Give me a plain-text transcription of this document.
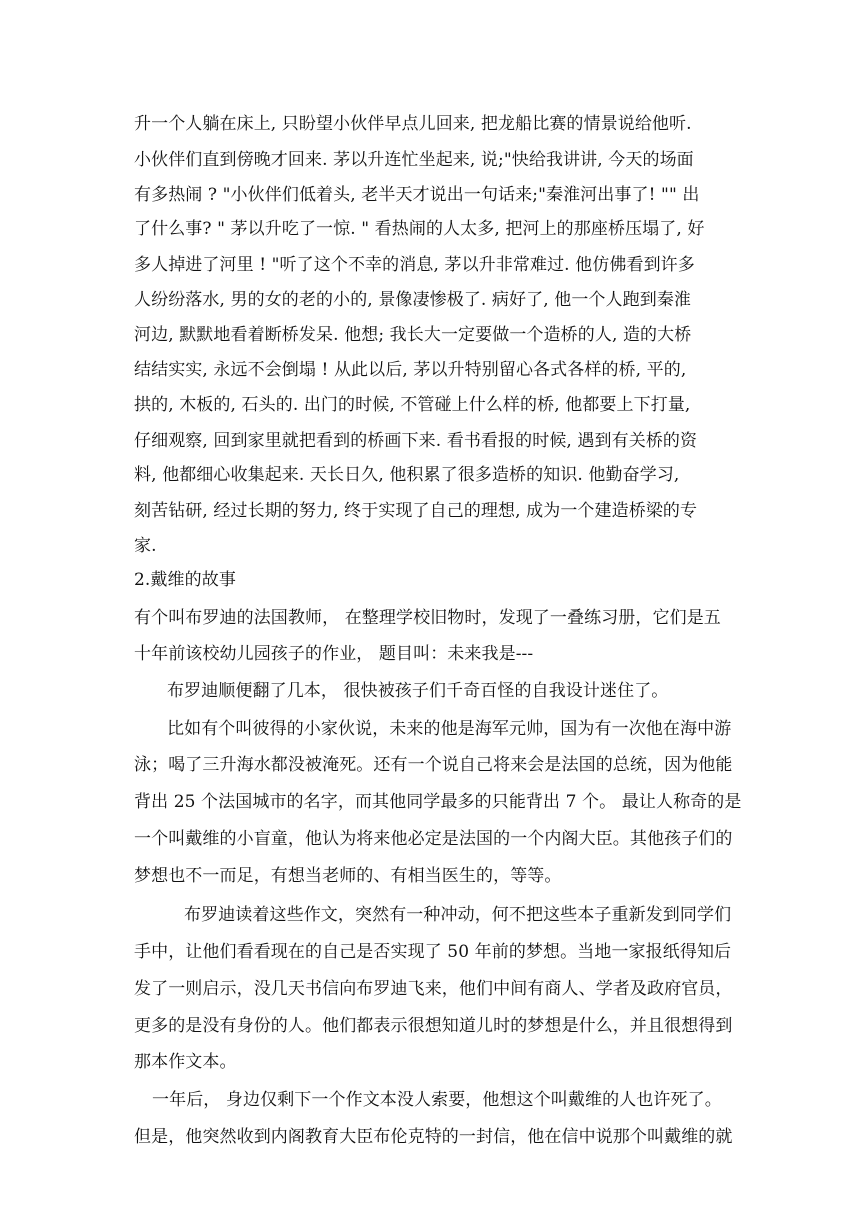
升一个人躺在床上, 只盼望小伙伴早点儿回来, 把龙船比赛的情景说给他听.
小伙伴们直到傍晚才回来. 茅以升连忙坐起来, 说;"快给我讲讲, 今天的场面
有多热闹 ? "小伙伴们低着头, 老半天才说出一句话来;"秦淮河出事了! "" 出
了什么事? " 茅以升吃了一惊. " 看热闹的人太多, 把河上的那座桥压塌了, 好
多人掉进了河里 ! "听了这个不幸的消息, 茅以升非常难过. 他仿佛看到许多
人纷纷落水, 男的女的老的小的, 景像凄惨极了. 病好了, 他一个人跑到秦淮
河边, 默默地看着断桥发呆. 他想; 我长大一定要做一个造桥的人, 造的大桥
结结实实, 永远不会倒塌 ! 从此以后, 茅以升特别留心各式各样的桥, 平的,
拱的, 木板的, 石头的. 出门的时候, 不管碰上什么样的桥, 他都要上下打量,
仔细观察, 回到家里就把看到的桥画下来. 看书看报的时候, 遇到有关桥的资
料, 他都细心收集起来. 天长日久, 他积累了很多造桥的知识. 他勤奋学习,
刻苦钻研, 经过长期的努力, 终于实现了自己的理想, 成为一个建造桥梁的专
家.
2.戴维的故事
有个叫布罗迪的法国教师， 在整理学校旧物时，发现了一叠练习册，它们是五
十年前该校幼儿园孩子的作业， 题目叫：未来我是---
布罗迪顺便翻了几本， 很快被孩子们千奇百怪的自我设计迷住了。
比如有个叫彼得的小家伙说，未来的他是海军元帅，国为有一次他在海中游
泳；喝了三升海水都没被淹死。还有一个说自己将来会是法国的总统，因为他能
背出 25 个法国城市的名字，而其他同学最多的只能背出 7 个。 最让人称奇的是
一个叫戴维的小盲童，他认为将来他必定是法国的一个内阁大臣。其他孩子们的
梦想也不一而足，有想当老师的、有相当医生的，等等。
布罗迪读着这些作文，突然有一种冲动，何不把这些本子重新发到同学们
手中，让他们看看现在的自己是否实现了 50 年前的梦想。当地一家报纸得知后
发了一则启示，没几天书信向布罗迪飞来，他们中间有商人、学者及政府官员，
更多的是没有身份的人。他们都表示很想知道儿时的梦想是什么，并且很想得到
那本作文本。
一年后， 身边仅剩下一个作文本没人索要，他想这个叫戴维的人也许死了。
但是，他突然收到内阁教育大臣布伦克特的一封信，他在信中说那个叫戴维的就
